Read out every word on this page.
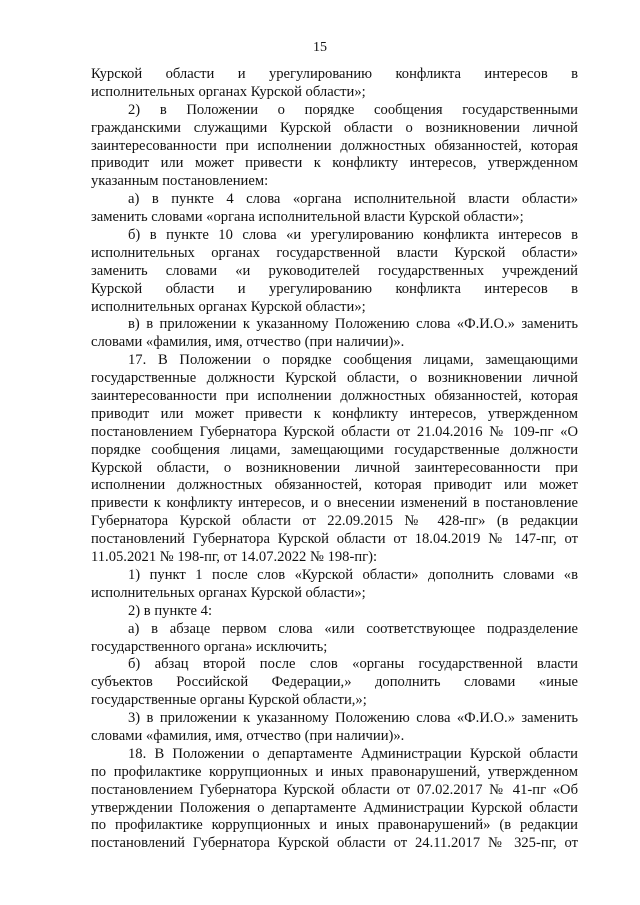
15
Курской области и урегулированию конфликта интересов в
исполнительных органах Курской области»;
2) в Положении о порядке сообщения государственными
гражданскими служащими Курской области о возникновении личной
заинтересованности при исполнении должностных обязанностей, которая
приводит или может привести к конфликту интересов, утвержденном
указанным постановлением:
а) в пункте 4 слова «органа исполнительной власти области»
заменить словами «органа исполнительной власти Курской области»;
б) в пункте 10 слова «и урегулированию конфликта интересов в
исполнительных органах государственной власти Курской области»
заменить словами «и руководителей государственных учреждений
Курской области и урегулированию конфликта интересов в
исполнительных органах Курской области»;
в) в приложении к указанному Положению слова «Ф.И.О.» заменить
словами «фамилия, имя, отчество (при наличии)».
17. В Положении о порядке сообщения лицами, замещающими
государственные должности Курской области, о возникновении личной
заинтересованности при исполнении должностных обязанностей, которая
приводит или может привести к конфликту интересов, утвержденном
постановлением Губернатора Курской области от 21.04.2016 № 109-пг «О
порядке сообщения лицами, замещающими государственные должности
Курской области, о возникновении личной заинтересованности при
исполнении должностных обязанностей, которая приводит или может
привести к конфликту интересов, и о внесении изменений в постановление
Губернатора Курской области от 22.09.2015 № 428-пг» (в редакции
постановлений Губернатора Курской области от 18.04.2019 № 147-пг, от
11.05.2021 № 198-пг, от 14.07.2022 № 198-пг):
1) пункт 1 после слов «Курской области» дополнить словами «в
исполнительных органах Курской области»;
2) в пункте 4:
а) в абзаце первом слова «или соответствующее подразделение
государственного органа» исключить;
б) абзац второй после слов «органы государственной власти
субъектов Российской Федерации,» дополнить словами «иные
государственные органы Курской области,»;
3) в приложении к указанному Положению слова «Ф.И.О.» заменить
словами «фамилия, имя, отчество (при наличии)».
18. В Положении о департаменте Администрации Курской области
по профилактике коррупционных и иных правонарушений, утвержденном
постановлением Губернатора Курской области от 07.02.2017 № 41-пг «Об
утверждении Положения о департаменте Администрации Курской области
по профилактике коррупционных и иных правонарушений» (в редакции
постановлений Губернатора Курской области от 24.11.2017 № 325-пг, от
